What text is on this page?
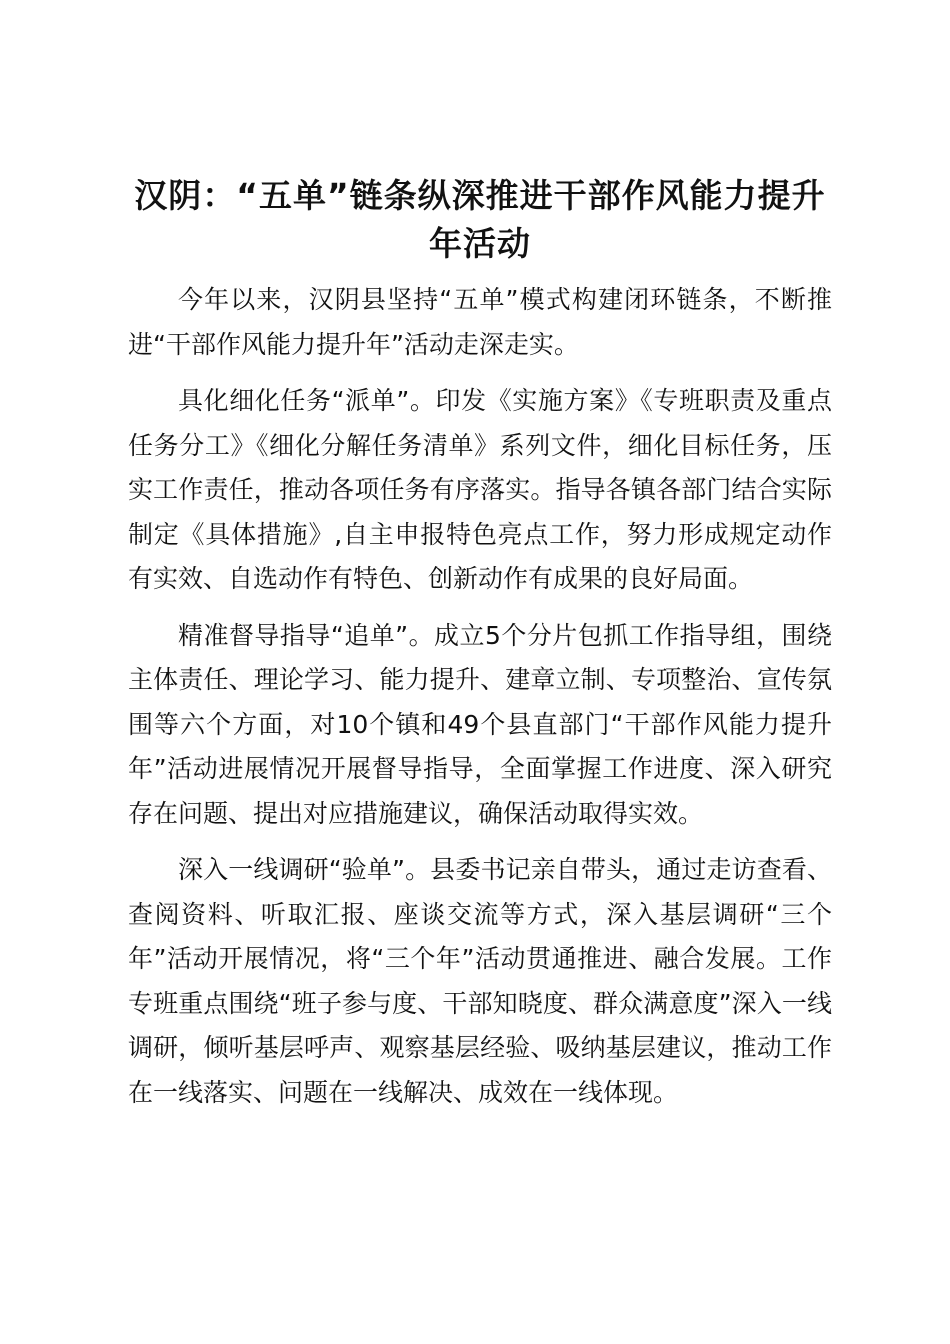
汉阴：“五单”链条纵深推进干部作风能力提升年活动

今年以来，汉阴县坚持“五单”模式构建闭环链条，不断推进“干部作风能力提升年”活动走深走实。

具化细化任务“派单”。印发《实施方案》《专班职责及重点任务分工》《细化分解任务清单》系列文件，细化目标任务，压实工作责任，推动各项任务有序落实。指导各镇各部门结合实际制定《具体措施》,自主申报特色亮点工作，努力形成规定动作有实效、自选动作有特色、创新动作有成果的良好局面。

精准督导指导“追单”。成立5个分片包抓工作指导组，围绕主体责任、理论学习、能力提升、建章立制、专项整治、宣传氛围等六个方面，对10个镇和49个县直部门“干部作风能力提升年”活动进展情况开展督导指导，全面掌握工作进度、深入研究存在问题、提出对应措施建议，确保活动取得实效。

深入一线调研“验单”。县委书记亲自带头，通过走访查看、查阅资料、听取汇报、座谈交流等方式，深入基层调研“三个年”活动开展情况，将“三个年”活动贯通推进、融合发展。工作专班重点围绕“班子参与度、干部知晓度、群众满意度”深入一线调研，倾听基层呼声、观察基层经验、吸纳基层建议，推动工作在一线落实、问题在一线解决、成效在一线体现。
